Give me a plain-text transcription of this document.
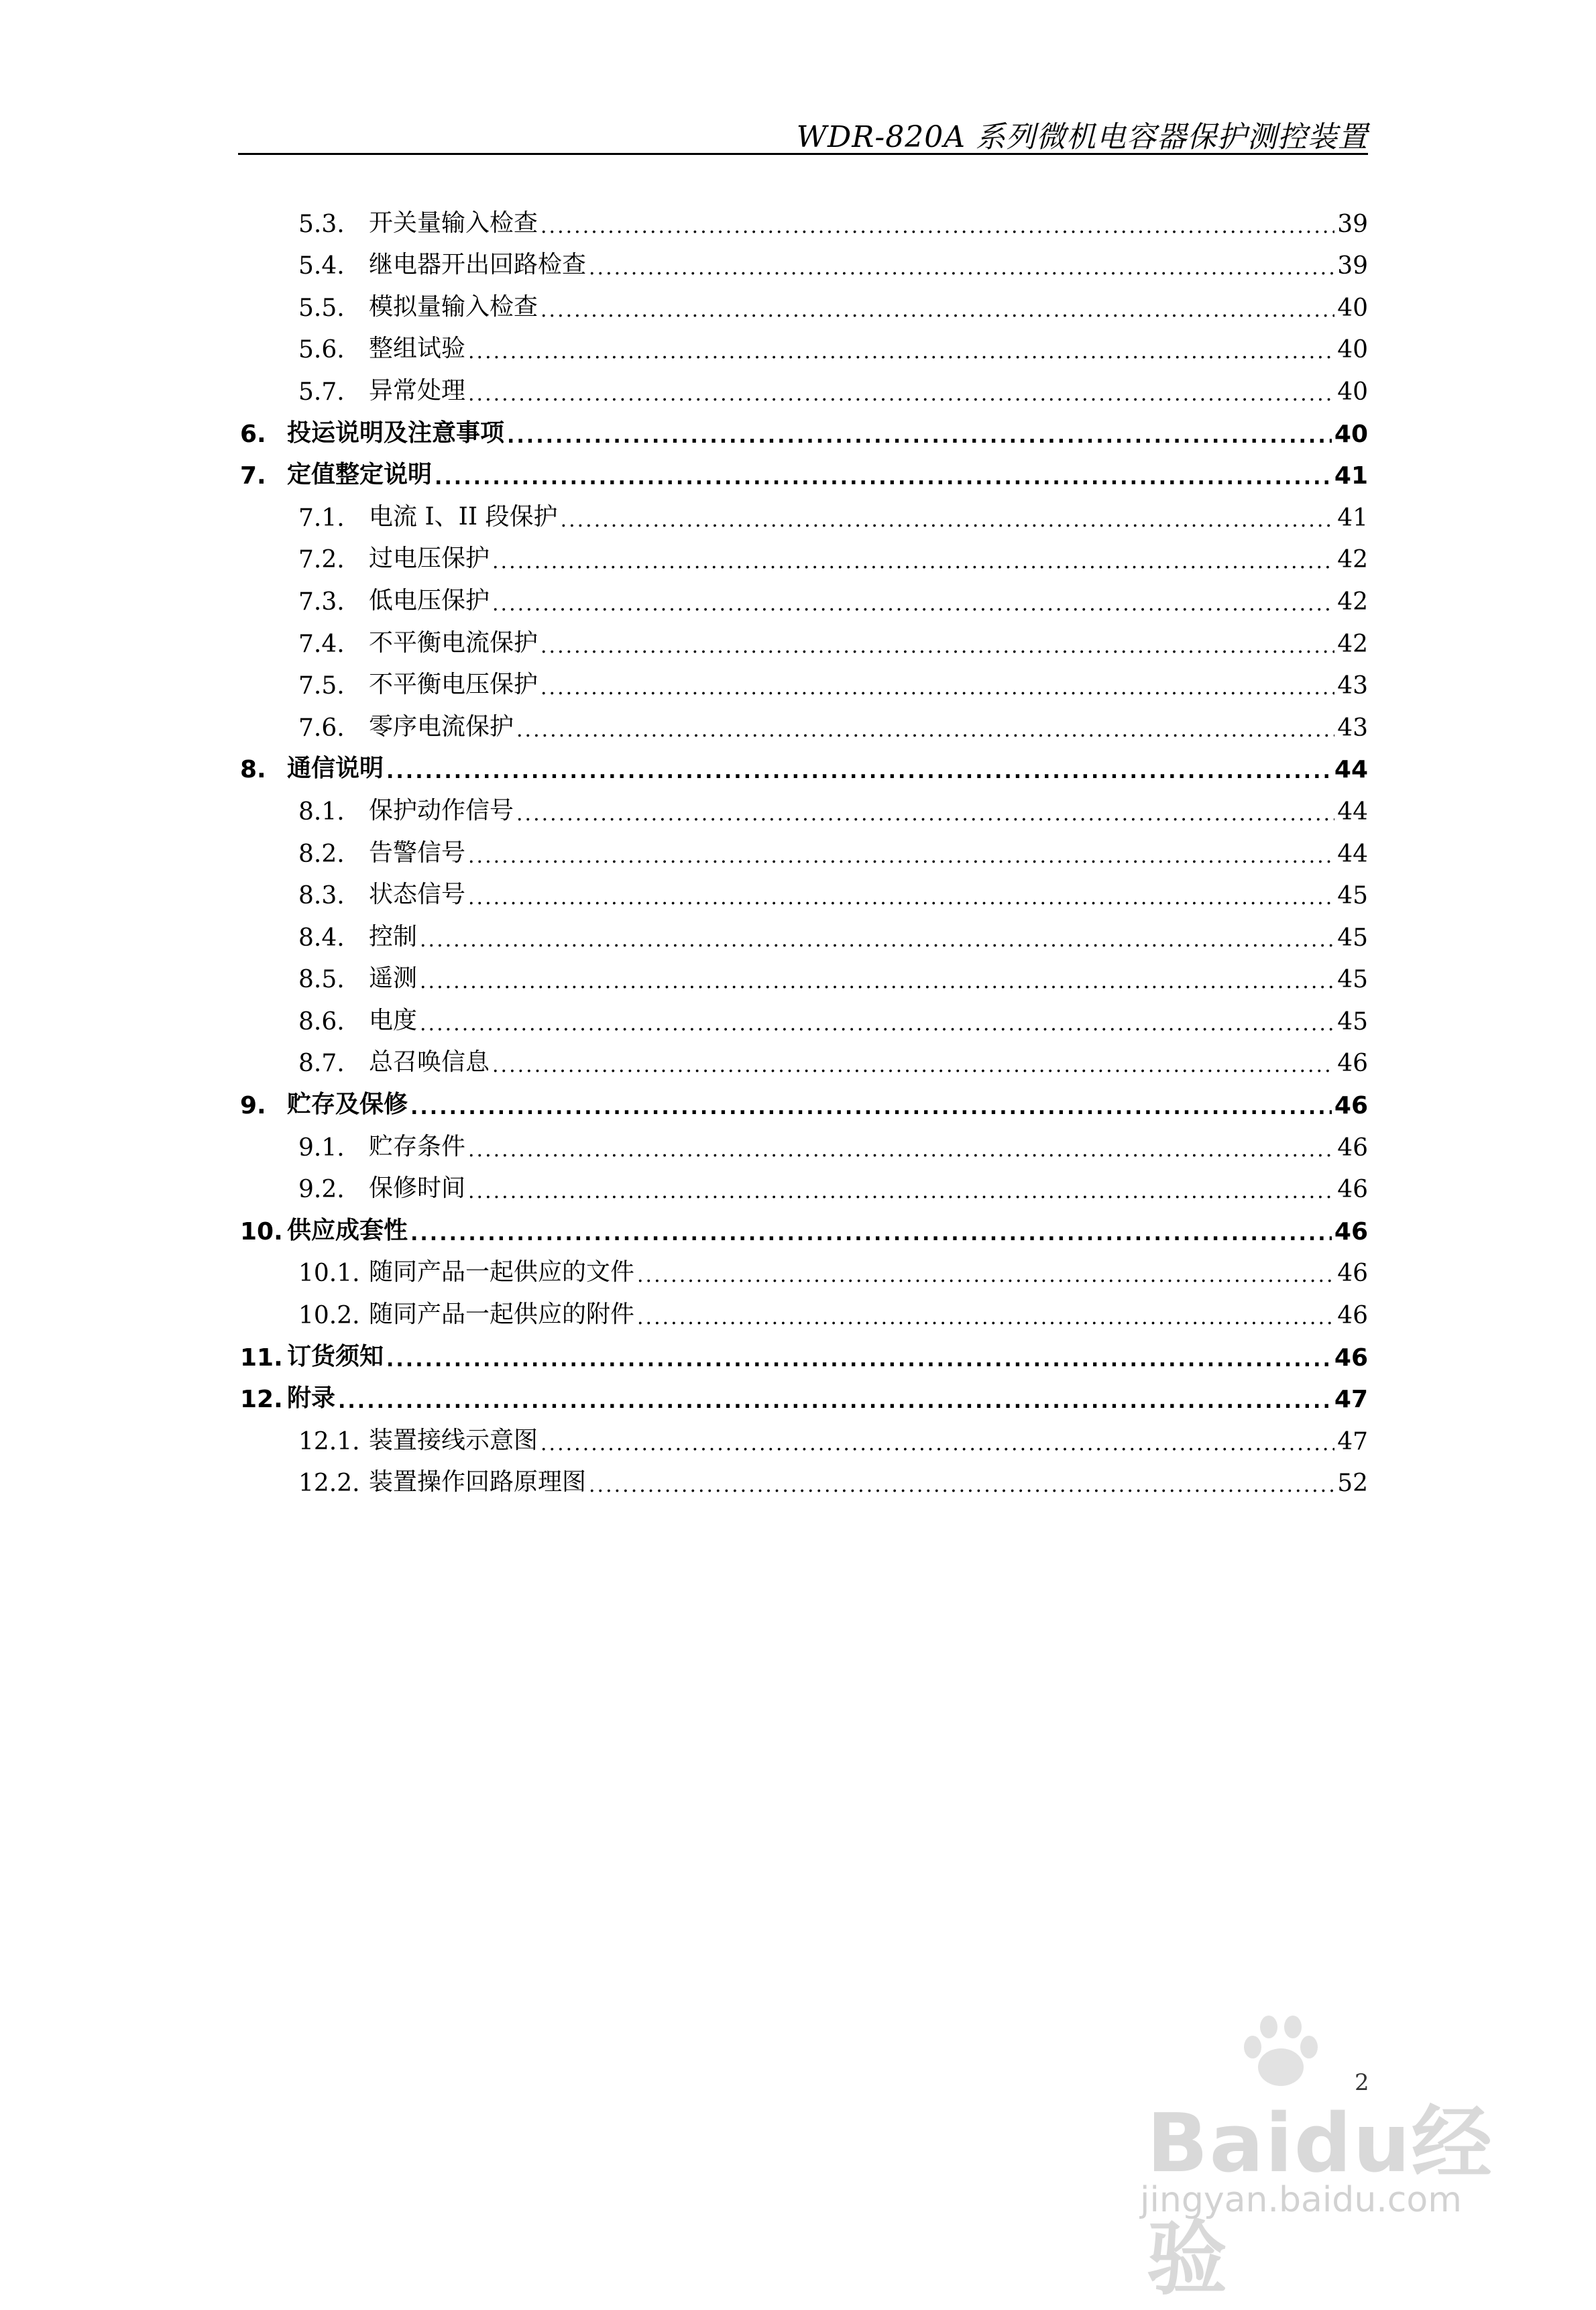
WDR-820A 系列微机电容器保护测控装置
5.3.	开关量输入检查 .....	39
5.4.	继电器开出回路检查 .....	39
5.5.	模拟量输入检查 .....	40
5.6.	整组试验 .....	40
5.7.	异常处理 .....	40
6. 投运说明及注意事项 .....	40
7. 定值整定说明 .....	41
7.1.	电流 I、II 段保护 .....	41
7.2.	过电压保护 .....	42
7.3.	低电压保护 .....	42
7.4.	不平衡电流保护 .....	42
7.5.	不平衡电压保护 .....	43
7.6.	零序电流保护 .....	43
8. 通信说明 .....	44
8.1.	保护动作信号 .....	44
8.2.	告警信号 .....	44
8.3.	状态信号 .....	45
8.4.	控制 .....	45
8.5.	遥测 .....	45
8.6.	电度 .....	45
8.7.	总召唤信息 .....	46
9. 贮存及保修 .....	46
9.1.	贮存条件 .....	46
9.2.	保修时间 .....	46
10. 供应成套性 .....	46
10.1. 随同产品一起供应的文件 .....	46
10.2. 随同产品一起供应的附件 .....	46
11. 订货须知 .....	46
12. 附录 .....	47
12.1. 装置接线示意图 .....	47
12.2. 装置操作回路原理图 .....	52
2
Baidu经验
jingyan.baidu.com
